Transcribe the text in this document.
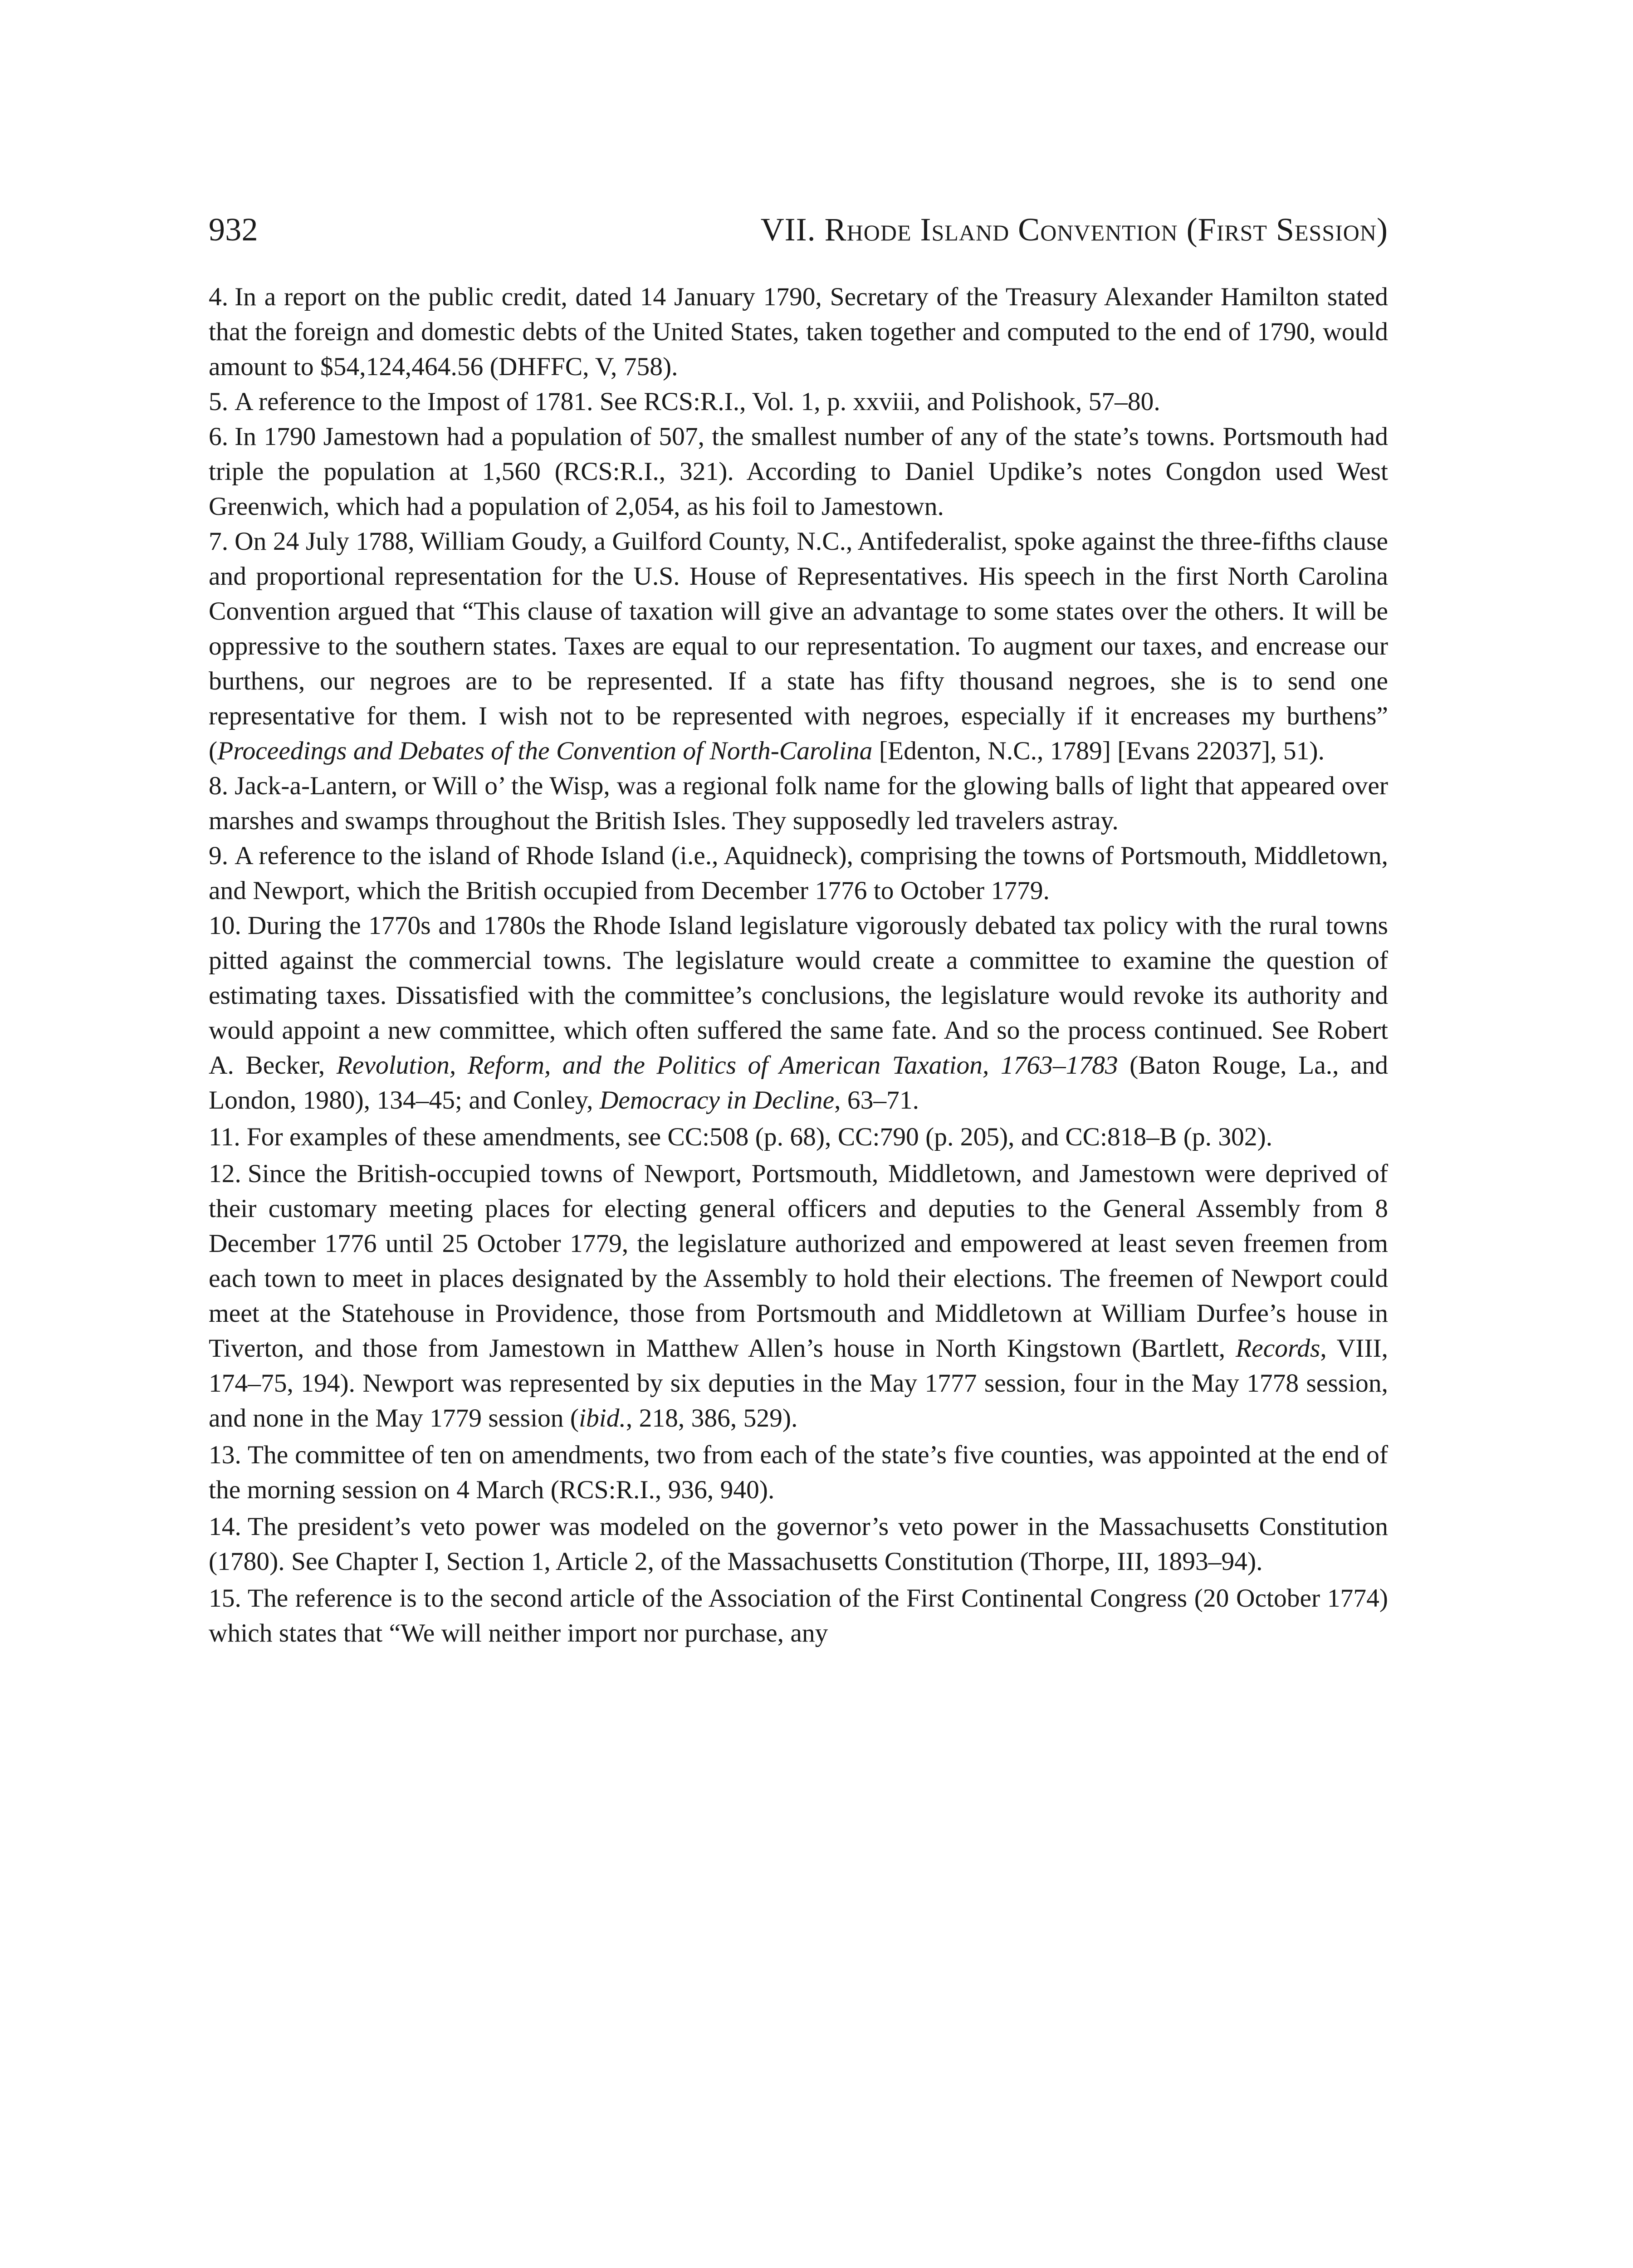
932	VII. Rhode Island Convention (First Session)

4. In a report on the public credit, dated 14 January 1790, Secretary of the Treasury Alexander Hamilton stated that the foreign and domestic debts of the United States, taken together and computed to the end of 1790, would amount to $54,124,464.56 (DHFFC, V, 758).

5. A reference to the Impost of 1781. See RCS:R.I., Vol. 1, p. xxviii, and Polishook, 57–80.

6. In 1790 Jamestown had a population of 507, the smallest number of any of the state’s towns. Portsmouth had triple the population at 1,560 (RCS:R.I., 321). According to Daniel Updike’s notes Congdon used West Greenwich, which had a population of 2,054, as his foil to Jamestown.

7. On 24 July 1788, William Goudy, a Guilford County, N.C., Antifederalist, spoke against the three-fifths clause and proportional representation for the U.S. House of Representatives. His speech in the first North Carolina Convention argued that “This clause of taxation will give an advantage to some states over the others. It will be oppressive to the southern states. Taxes are equal to our representation. To augment our taxes, and encrease our burthens, our negroes are to be represented. If a state has fifty thousand negroes, she is to send one representative for them. I wish not to be represented with negroes, especially if it encreases my burthens” (Proceedings and Debates of the Convention of North-Carolina [Edenton, N.C., 1789] [Evans 22037], 51).

8. Jack-a-Lantern, or Will o’ the Wisp, was a regional folk name for the glowing balls of light that appeared over marshes and swamps throughout the British Isles. They supposedly led travelers astray.

9. A reference to the island of Rhode Island (i.e., Aquidneck), comprising the towns of Portsmouth, Middletown, and Newport, which the British occupied from December 1776 to October 1779.

10. During the 1770s and 1780s the Rhode Island legislature vigorously debated tax policy with the rural towns pitted against the commercial towns. The legislature would create a committee to examine the question of estimating taxes. Dissatisfied with the committee’s conclusions, the legislature would revoke its authority and would appoint a new committee, which often suffered the same fate. And so the process continued. See Robert A. Becker, Revolution, Reform, and the Politics of American Taxation, 1763–1783 (Baton Rouge, La., and London, 1980), 134–45; and Conley, Democracy in Decline, 63–71.

11. For examples of these amendments, see CC:508 (p. 68), CC:790 (p. 205), and CC:818–B (p. 302).

12. Since the British-occupied towns of Newport, Portsmouth, Middletown, and Jamestown were deprived of their customary meeting places for electing general officers and deputies to the General Assembly from 8 December 1776 until 25 October 1779, the legislature authorized and empowered at least seven freemen from each town to meet in places designated by the Assembly to hold their elections. The freemen of Newport could meet at the Statehouse in Providence, those from Portsmouth and Middletown at William Durfee’s house in Tiverton, and those from Jamestown in Matthew Allen’s house in North Kingstown (Bartlett, Records, VIII, 174–75, 194). Newport was represented by six deputies in the May 1777 session, four in the May 1778 session, and none in the May 1779 session (ibid., 218, 386, 529).

13. The committee of ten on amendments, two from each of the state’s five counties, was appointed at the end of the morning session on 4 March (RCS:R.I., 936, 940).

14. The president’s veto power was modeled on the governor’s veto power in the Massachusetts Constitution (1780). See Chapter I, Section 1, Article 2, of the Massachusetts Constitution (Thorpe, III, 1893–94).

15. The reference is to the second article of the Association of the First Continental Congress (20 October 1774) which states that “We will neither import nor purchase, any
